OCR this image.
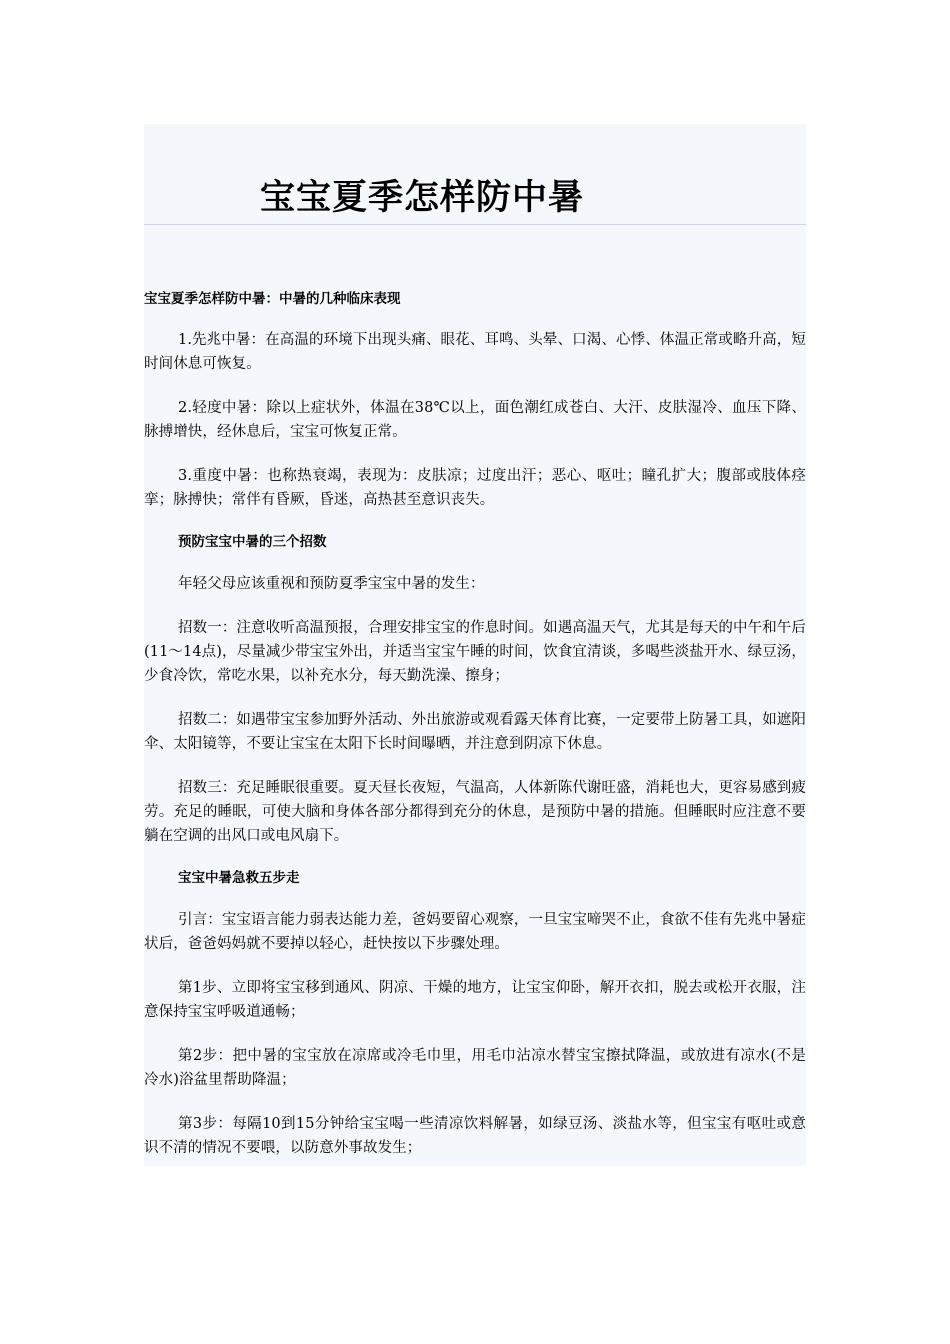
宝宝夏季怎样防中暑

宝宝夏季怎样防中暑：中暑的几种临床表现

1.先兆中暑：在高温的环境下出现头痛、眼花、耳鸣、头晕、口渴、心悸、体温正常或略升高，短时间休息可恢复。

2.轻度中暑：除以上症状外，体温在38℃以上，面色潮红成苍白、大汗、皮肤湿冷、血压下降、脉搏增快，经休息后，宝宝可恢复正常。

3.重度中暑：也称热衰竭，表现为：皮肤凉；过度出汗；恶心、呕吐；瞳孔扩大；腹部或肢体痉挛；脉搏快；常伴有昏厥，昏迷，高热甚至意识丧失。

预防宝宝中暑的三个招数

年轻父母应该重视和预防夏季宝宝中暑的发生：

招数一：注意收听高温预报，合理安排宝宝的作息时间。如遇高温天气，尤其是每天的中午和午后(11～14点)，尽量减少带宝宝外出，并适当宝宝午睡的时间，饮食宜清谈，多喝些淡盐开水、绿豆汤，少食冷饮，常吃水果，以补充水分，每天勤洗澡、擦身；

招数二：如遇带宝宝参加野外活动、外出旅游或观看露天体育比赛，一定要带上防暑工具，如遮阳伞、太阳镜等，不要让宝宝在太阳下长时间曝晒，并注意到阴凉下休息。

招数三：充足睡眠很重要。夏天昼长夜短，气温高，人体新陈代谢旺盛，消耗也大，更容易感到疲劳。充足的睡眠，可使大脑和身体各部分都得到充分的休息，是预防中暑的措施。但睡眠时应注意不要躺在空调的出风口或电风扇下。

宝宝中暑急救五步走

引言：宝宝语言能力弱表达能力差，爸妈要留心观察，一旦宝宝啼哭不止，食欲不佳有先兆中暑症状后，爸爸妈妈就不要掉以轻心，赶快按以下步骤处理。

第1步、立即将宝宝移到通风、阴凉、干燥的地方，让宝宝仰卧，解开衣扣，脱去或松开衣服，注意保持宝宝呼吸道通畅；

第2步：把中暑的宝宝放在凉席或冷毛巾里，用毛巾沾凉水替宝宝擦拭降温，或放进有凉水(不是冷水)浴盆里帮助降温；

第3步：每隔10到15分钟给宝宝喝一些清凉饮料解暑，如绿豆汤、淡盐水等，但宝宝有呕吐或意识不清的情况不要喂，以防意外事故发生；
